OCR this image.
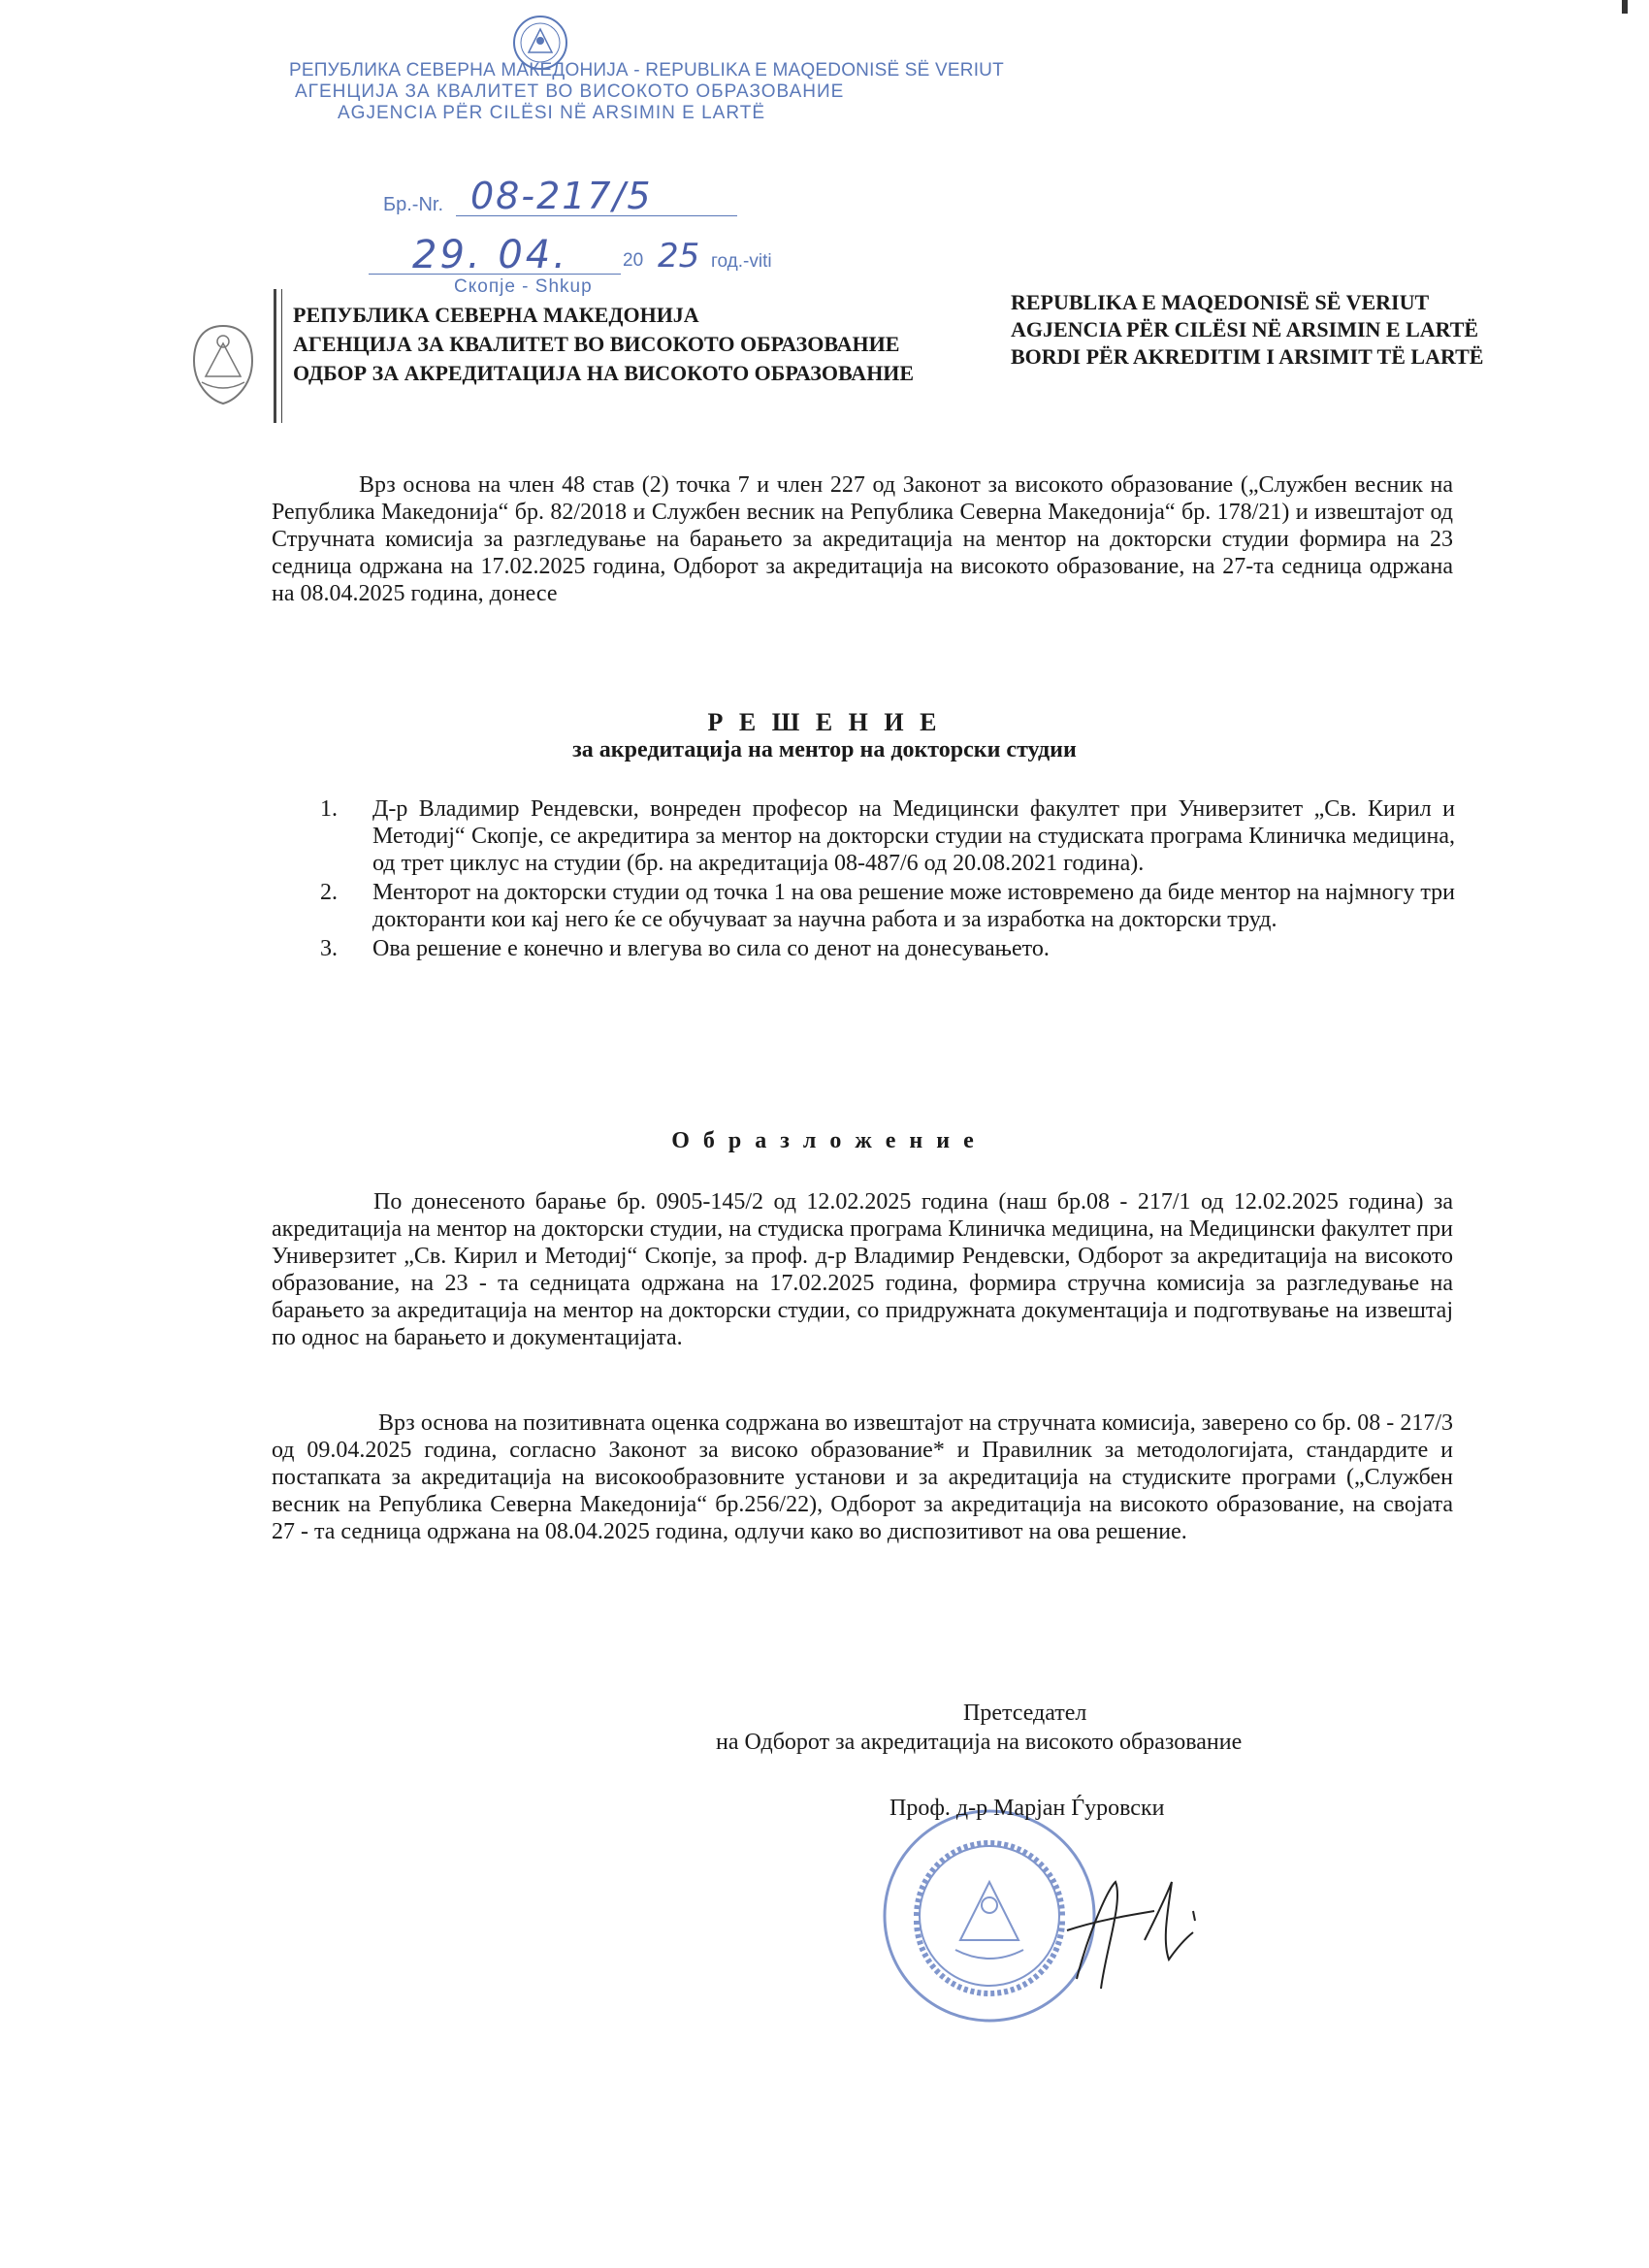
РЕПУБЛИКА СЕВЕРНА МАКЕДОНИЈА - REPUBLIKA E MAQEDONISË SË VERIUT
АГЕНЦИЈА ЗА КВАЛИТЕТ ВО ВИСОКОТО ОБРАЗОВАНИЕ
AGJENCIA PËR CILËSI NË ARSIMIN E LARTË
Бр.-Nr. 08-217/5
29. 04.	20 25 год.-viti
Скопје - Shkup
РЕПУБЛИКА СЕВЕРНА МАКЕДОНИЈА
АГЕНЦИЈА ЗА КВАЛИТЕТ ВО ВИСОКОТО ОБРАЗОВАНИЕ
ОДБОР ЗА АКРЕДИТАЦИЈА НА ВИСОКОТО ОБРАЗОВАНИЕ
REPUBLIKA E MAQEDONISË SË VERIUT
AGJENCIA PËR CILËSI NË ARSIMIN E LARTË
BORDI PËR AKREDITIM I ARSIMIT TË LARTË
Врз основа на член 48 став (2) точка 7 и член 227 од Законот за високото образование („Службен весник на Република Македонија“ бр. 82/2018 и Службен весник на Република Северна Македонија“ бр. 178/21) и извештајот од Стручната комисија за разгледување на барањето за акредитација на ментор на докторски студии формира на 23 седница одржана на 17.02.2025 година, Одборот за акредитација на високото образование, на 27-та седница одржана на 08.04.2025 година, донесе
Р Е Ш Е Н И Е
за акредитација на ментор на докторски студии
1. Д-р Владимир Рендевски, вонреден професор на Медицински факултет при Универзитет „Св. Кирил и Методиј“ Скопје, се акредитира за ментор на докторски студии на студиската програма Клиничка медицина, од трет циклус на студии (бр. на акредитација 08-487/6 од 20.08.2021 година).
2. Менторот на докторски студии од точка 1 на ова решение може истовремено да биде ментор на најмногу три докторанти кои кај него ќе се обучуваат за научна работа и за изработка на докторски труд.
3. Ова решение е конечно и влегува во сила со денот на донесувањето.
О б р а з л о ж е н и е
По донесеното барање бр. 0905-145/2 од 12.02.2025 година (наш бр.08 - 217/1 од 12.02.2025 година) за акредитација на ментор на докторски студии, на студиска програма Клиничка медицина, на Медицински факултет при Универзитет „Св. Кирил и Методиј“ Скопје, за проф. д-р Владимир Рендевски, Одборот за акредитација на високото образование, на 23 - та седницата одржана на 17.02.2025 година, формира стручна комисија за разгледување на барањето за акредитација на ментор на докторски студии, со придружната документација и подготвување на извештај по однос на барањето и документацијата.
Врз основа на позитивната оценка содржана во извештајот на стручната комисија, заверено со бр. 08 - 217/3 од 09.04.2025 година, согласно Законот за високо образование* и Правилник за методологијата, стандардите и постапката за акредитација на високообразовните установи и за акредитација на студиските програми („Службен весник на Република Северна Македонија“ бр.256/22), Одборот за акредитација на високото образование, на својата 27 - та седница одржана на 08.04.2025 година, одлучи како во диспозитивот на ова решение.
Претседател
на Одборот за акредитација на високото образование
Проф. д-р Марјан Ѓуровски
